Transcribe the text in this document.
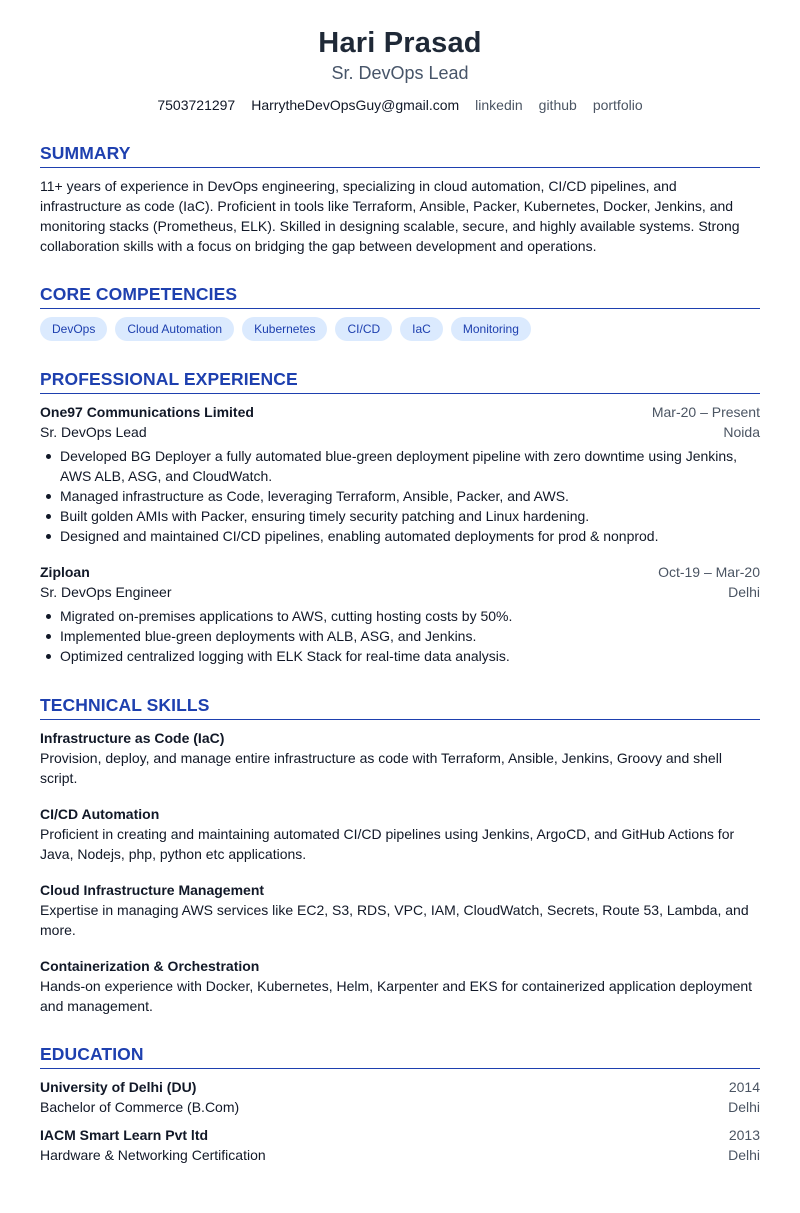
Hari Prasad
Sr. DevOps Lead
7503721297 HarrytheDevOpsGuy@gmail.com linkedin github portfolio
SUMMARY

11+ years of experience in DevOps engineering, specializing in cloud automation, CI/CD pipelines, and infrastructure as code (IaC). Proficient in tools like Terraform, Ansible, Packer, Kubernetes, Docker, Jenkins, and monitoring stacks (Prometheus, ELK). Skilled in designing scalable, secure, and highly available systems. Strong collaboration skills with a focus on bridging the gap between development and operations.

CORE COMPETENCIES
DevOps	Cloud Automation	Kubernetes	CI/CD	IaC	Monitoring
PROFESSIONAL EXPERIENCE
One97 Communications Limited	Mar-20 – Present
Sr. DevOps Lead	Noida
Developed BG Deployer a fully automated blue-green deployment pipeline with zero downtime using Jenkins, AWS ALB, ASG, and CloudWatch.
Managed infrastructure as Code, leveraging Terraform, Ansible, Packer, and AWS.
Built golden AMIs with Packer, ensuring timely security patching and Linux hardening.
Designed and maintained CI/CD pipelines, enabling automated deployments for prod & nonprod.
Ziploan	Oct-19 – Mar-20
Sr. DevOps Engineer	Delhi
Migrated on-premises applications to AWS, cutting hosting costs by 50%.
Implemented blue-green deployments with ALB, ASG, and Jenkins.
Optimized centralized logging with ELK Stack for real-time data analysis.
TECHNICAL SKILLS
Infrastructure as Code (IaC)
Provision, deploy, and manage entire infrastructure as code with Terraform, Ansible, Jenkins, Groovy and shell script.
CI/CD Automation
Proficient in creating and maintaining automated CI/CD pipelines using Jenkins, ArgoCD, and GitHub Actions for Java, Nodejs, php, python etc applications.
Cloud Infrastructure Management
Expertise in managing AWS services like EC2, S3, RDS, VPC, IAM, CloudWatch, Secrets, Route 53, Lambda, and more.
Containerization & Orchestration
Hands-on experience with Docker, Kubernetes, Helm, Karpenter and EKS for containerized application deployment and management.
EDUCATION
University of Delhi (DU)	2014
Bachelor of Commerce (B.Com)	Delhi
IACM Smart Learn Pvt ltd	2013
Hardware & Networking Certification	Delhi
